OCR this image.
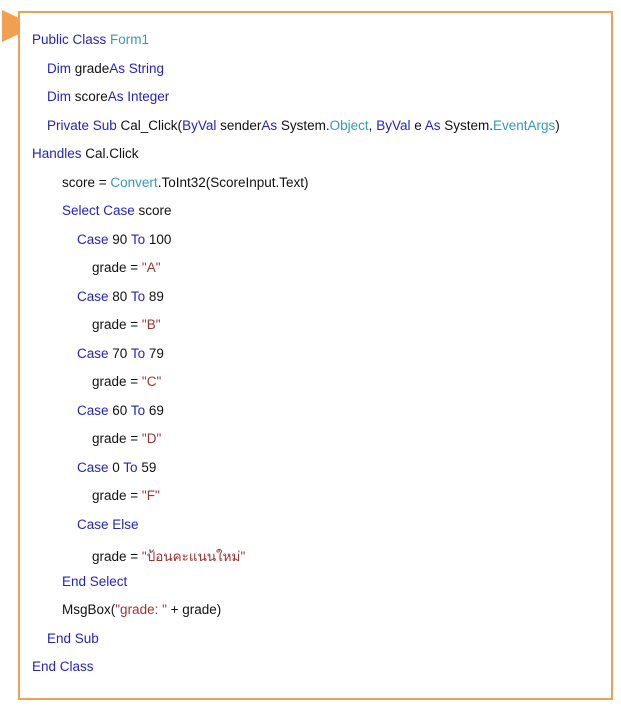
Public Class Form1
Dim gradeAs String
Dim scoreAs Integer
Private Sub Cal_Click(ByVal senderAs System.Object, ByVal e As System.EventArgs)
Handles Cal.Click
score = Convert.ToInt32(ScoreInput.Text)
Select Case score
Case 90 To 100
grade = "A"
Case 80 To 89
grade = "B"
Case 70 To 79
grade = "C"
Case 60 To 69
grade = "D"
Case 0 To 59
grade = "F"
Case Else
grade = "ป้อนคะแนนใหม่"
End Select
MsgBox("grade: " + grade)
End Sub
End Class
